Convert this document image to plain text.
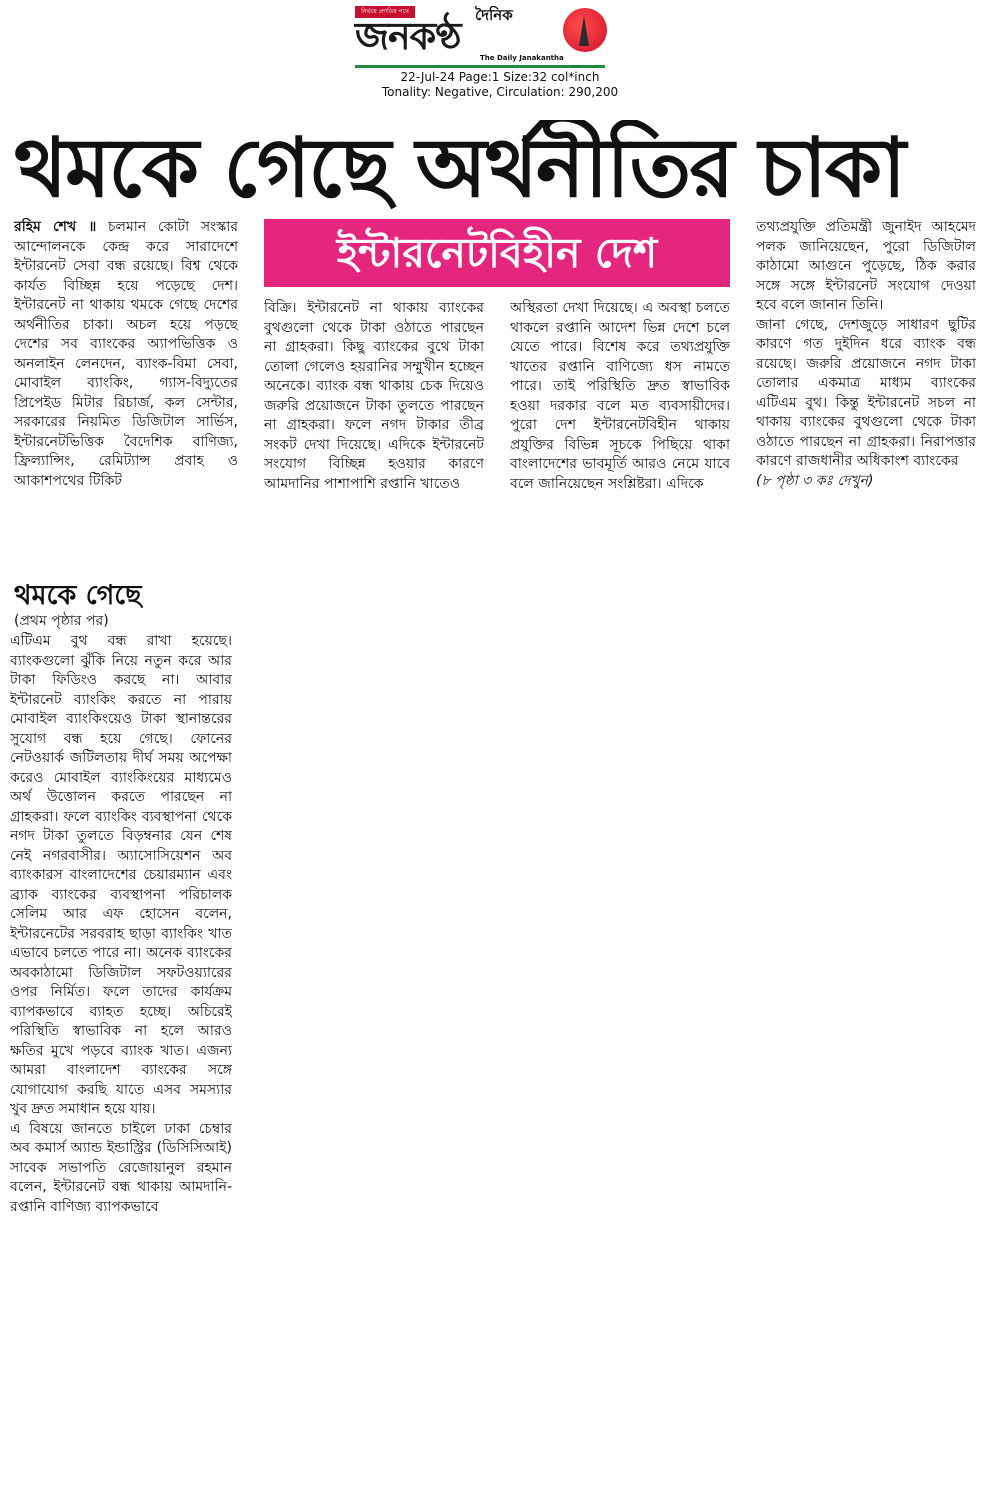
নির্ভয়ে প্রগতির পথে	দৈনিক
জনকণ্ঠ	The Daily Janakantha
22-Jul-24 Page:1 Size:32 col*inch
Tonality: Negative, Circulation: 290,200
থমকে গেছে অর্থনীতির চাকা

রহিম শেখ ॥ চলমান কোটা সংস্কার আন্দোলনকে কেন্দ্র করে সারাদেশে ইন্টারনেট সেবা বন্ধ রয়েছে। বিশ্ব থেকে কার্যত বিচ্ছিন্ন হয়ে পড়েছে দেশ। ইন্টারনেট না থাকায় থমকে গেছে দেশের অর্থনীতির চাকা। অচল হয়ে পড়ছে দেশের সব ব্যাংকের অ্যাপভিত্তিক ও অনলাইন লেনদেন, ব্যাংক-বিমা সেবা, মোবাইল ব্যাংকিং, গ্যাস-বিদ্যুতের প্রিপেইড মিটার রিচার্জ, কল সেন্টার, সরকারের নিয়মিত ডিজিটাল সার্ভিস, ইন্টারনেটভিত্তিক বৈদেশিক বাণিজ্য, ফ্রিল্যান্সিং, রেমিট্যান্স প্রবাহ ও আকাশপথের টিকিট

ইন্টারনেটবিহীন দেশ

বিক্রি। ইন্টারনেট না থাকায় ব্যাংকের বুথগুলো থেকে টাকা ওঠাতে পারছেন না গ্রাহকরা। কিছু ব্যাংকের বুথে টাকা তোলা গেলেও হয়রানির সম্মুখীন হচ্ছেন অনেকে। ব্যাংক বন্ধ থাকায় চেক দিয়েও জরুরি প্রয়োজনে টাকা তুলতে পারছেন না গ্রাহকরা। ফলে নগদ টাকার তীব্র সংকট দেখা দিয়েছে। এদিকে ইন্টারনেট সংযোগ বিচ্ছিন্ন হওয়ার কারণে আমদানির পাশাপাশি রপ্তানি খাতেও

অস্থিরতা দেখা দিয়েছে। এ অবস্থা চলতে থাকলে রপ্তানি আদেশ ভিন্ন দেশে চলে যেতে পারে। বিশেষ করে তথ্যপ্রযুক্তি খাতের রপ্তানি বাণিজ্যে ধস নামতে পারে। তাই পরিস্থিতি দ্রুত স্বাভাবিক হওয়া দরকার বলে মত ব্যবসায়ীদের। পুরো দেশ ইন্টারনেটবিহীন থাকায় প্রযুক্তির বিভিন্ন সূচকে পিছিয়ে থাকা বাংলাদেশের ভাবমূর্তি আরও নেমে যাবে বলে জানিয়েছেন সংশ্লিষ্টরা। এদিকে

তথ্যপ্রযুক্তি প্রতিমন্ত্রী জুনাইদ আহমেদ পলক জানিয়েছেন, পুরো ডিজিটাল কাঠামো আগুনে পুড়েছে, ঠিক করার সঙ্গে সঙ্গে ইন্টারনেট সংযোগ দেওয়া হবে বলে জানান তিনি।

জানা গেছে, দেশজুড়ে সাধারণ ছুটির কারণে গত দুইদিন ধরে ব্যাংক বন্ধ রয়েছে। জরুরি প্রয়োজনে নগদ টাকা তোলার একমাত্র মাধ্যম ব্যাংকের এটিএম বুথ। কিন্তু ইন্টারনেট সচল না থাকায় ব্যাংকের বুথগুলো থেকে টাকা ওঠাতে পারছেন না গ্রাহকরা। নিরাপত্তার কারণে রাজধানীর অধিকাংশ ব্যাংকের

(৮ পৃষ্ঠা ৩ কঃ দেখুন)

থমকে গেছে
(প্রথম পৃষ্ঠার পর)

এটিএম বুথ বন্ধ রাখা হয়েছে। ব্যাংকগুলো ঝুঁকি নিয়ে নতুন করে আর টাকা ফিডিংও করছে না। আবার ইন্টারনেট ব্যাংকিং করতে না পারায় মোবাইল ব্যাংকিংয়েও টাকা স্থানান্তরের সুযোগ বন্ধ হয়ে গেছে। ফোনের নেটওয়ার্ক জটিলতায় দীর্ঘ সময় অপেক্ষা করেও মোবাইল ব্যাংকিংয়ের মাধ্যমেও অর্থ উত্তোলন করতে পারছেন না গ্রাহকরা। ফলে ব্যাংকিং ব্যবস্থাপনা থেকে নগদ টাকা তুলতে বিড়ম্বনার যেন শেষ নেই নগরবাসীর। অ্যাসোসিয়েশন অব ব্যাংকারস বাংলাদেশের চেয়ারম্যান এবং ব্র্যাক ব্যাংকের ব্যবস্থাপনা পরিচালক সেলিম আর এফ হোসেন বলেন, ইন্টারনেটের সরবরাহ ছাড়া ব্যাংকিং খাত এভাবে চলতে পারে না। অনেক ব্যাংকের অবকাঠামো ডিজিটাল সফটওয়্যারের ওপর নির্মিত। ফলে তাদের কার্যক্রম ব্যাপকভাবে ব্যাহত হচ্ছে। অচিরেই পরিস্থিতি স্বাভাবিক না হলে আরও ক্ষতির মুখে পড়বে ব্যাংক খাত। এজন্য আমরা বাংলাদেশ ব্যাংকের সঙ্গে যোগাযোগ করছি যাতে এসব সমস্যার খুব দ্রুত সমাধান হয়ে যায়।

এ বিষয়ে জানতে চাইলে ঢাকা চেম্বার অব কমার্স অ্যান্ড ইন্ডাস্ট্রির (ডিসিসিআই) সাবেক সভাপতি রেজোয়ানুল রহমান বলেন, ইন্টারনেট বন্ধ থাকায় আমদানি-রপ্তানি বাণিজ্য ব্যাপকভাবে
